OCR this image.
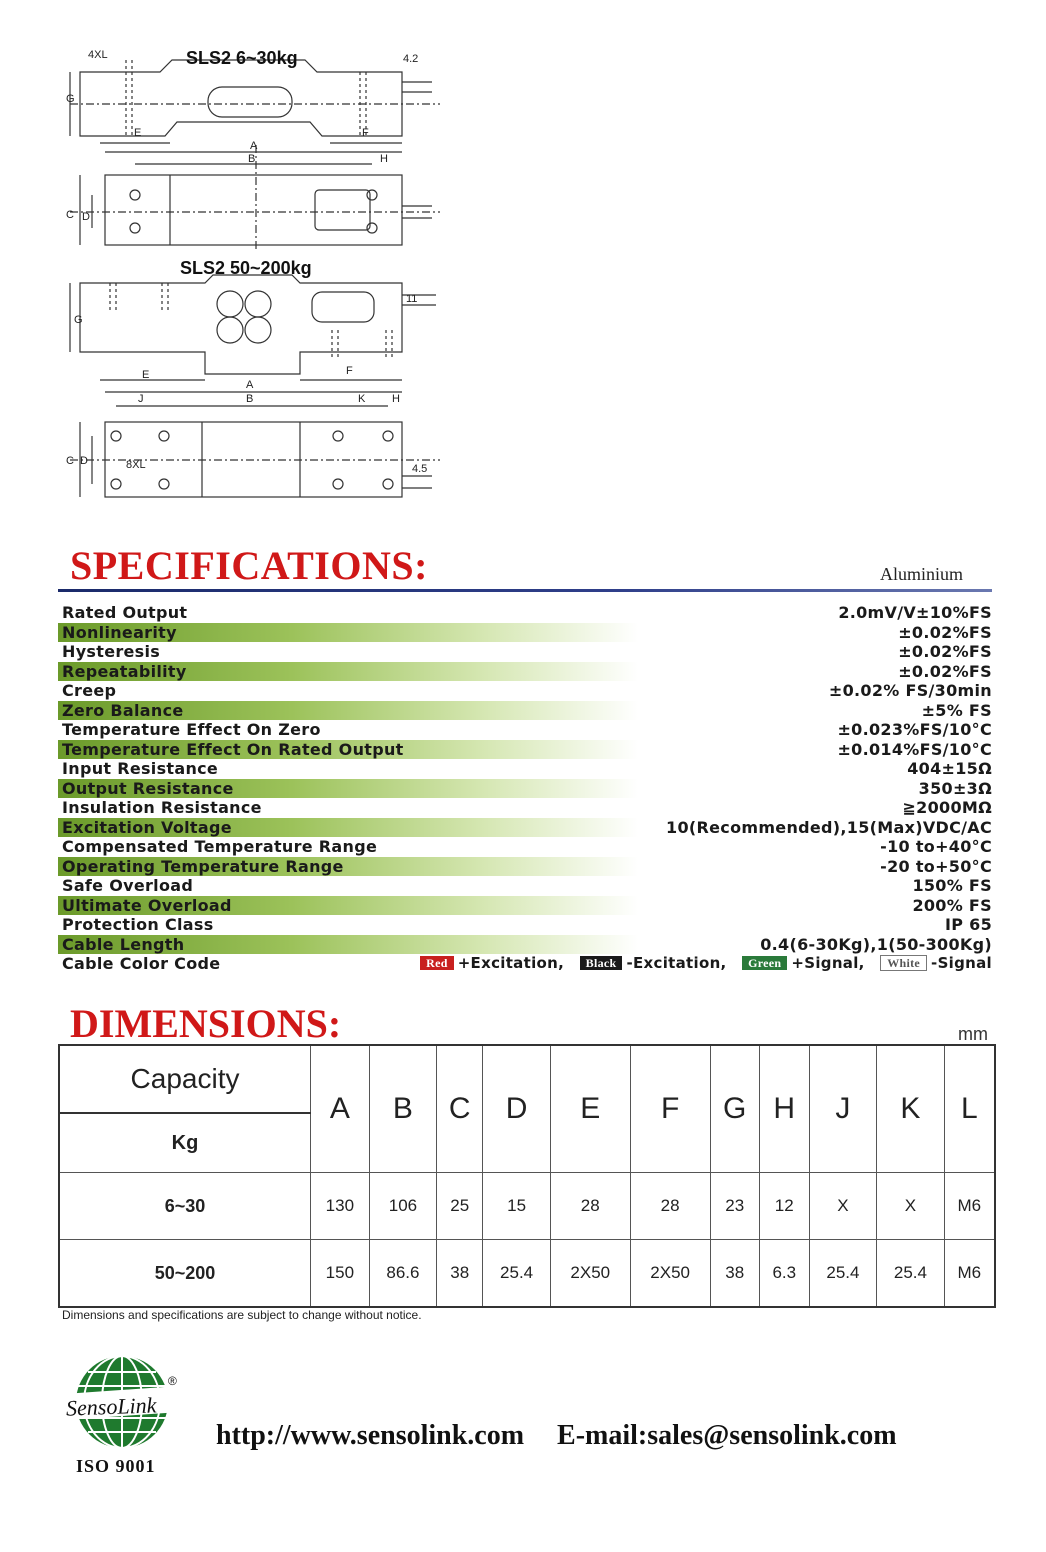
4XL	4.2
G
E	F
A
B	H
C D
G
11
E	F
A
B
J	K H
C D	8XL	4.5
SLS2 6~30kg
SLS2 50~200kg
SPECIFICATIONS:	Aluminium
Rated Output	2.0mV/V±10%FS
Nonlinearity	±0.02%FS
Hysteresis	±0.02%FS
Repeatability	±0.02%FS
Creep	±0.02% FS/30min
Zero Balance	±5% FS
Temperature Effect On Zero	±0.023%FS/10°C
Temperature Effect On Rated Output	±0.014%FS/10°C
Input Resistance	404±15Ω
Output Resistance	350±3Ω
Insulation Resistance	≧2000MΩ
Excitation Voltage	10(Recommended),15(Max)VDC/AC
Compensated Temperature Range	-10 to+40°C
Operating Temperature Range	-20 to+50°C
Safe Overload	150% FS
Ultimate Overload	200% FS
Protection Class	IP 65
Cable Length	0.4(6-30Kg),1(50-300Kg)
Cable Color Code	Red +Excitation, Black -Excitation, Green +Signal, White -Signal
DIMENSIONS:	mm
Capacity	A	B	C	D	E	F	G	H	J	K	L
Kg											
6~30	130	106	25	15	28	28	23	12	X	X	M6
50~200	150	86.6	38	25.4	2X50	2X50	38	6.3	25.4	25.4	M6
Dimensions and specifications are subject to change without notice.
SensoLink
®
ISO 9001
http://www.sensolink.com E-mail:sales@sensolink.com
